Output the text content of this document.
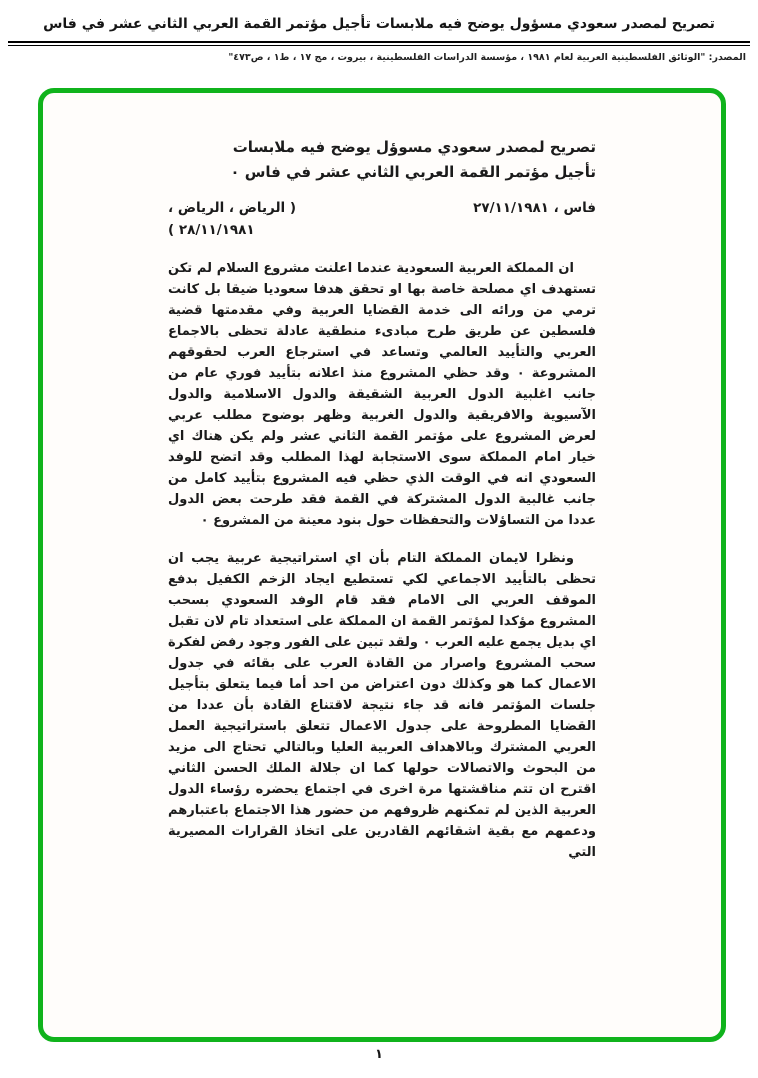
تصريح لمصدر سعودي مسؤول يوضح فيه ملابسات تأجيل مؤتمر القمة العربي الثاني عشر في فاس
المصدر: "الوثائق الفلسطينية العربية لعام ١٩٨١ ، مؤسسة الدراسات الفلسطينية ، بيروت ، مج ١٧ ، ط١ ، ص٤٧٣"
تصريح لمصدر سعودي مسوؤل يوضح فيه ملابسات
تأجيل مؤتمر القمة العربي الثاني عشر في فاس ٠
فاس ، ٢٧/١١/١٩٨١
( الرياض ، الرياض ،
٢٨/١١/١٩٨١ )

ان المملكة العربية السعودية عندما اعلنت مشروع السلام لم تكن تستهدف اي مصلحة خاصة بها او تحقق هدفا سعوديا ضيقا بل كانت ترمي من ورائه الى خدمة القضايا العربية وفي مقدمتها قضية فلسطين عن طريق طرح مبادىء منطقية عادلة تحظى بالاجماع العربي والتأييد العالمي وتساعد في استرجاع العرب لحقوقهم المشروعة ٠ وقد حظي المشروع منذ اعلانه بتأييد فوري عام من جانب اغلبية الدول العربية الشقيقة والدول الاسلامية والدول الآسيوية والافريقية والدول الغربية وظهر بوضوح مطلب عربي لعرض المشروع على مؤتمر القمة الثاني عشر ولم يكن هناك اي خيار امام المملكة سوى الاستجابة لهذا المطلب وقد اتضح للوفد السعودي انه في الوقت الذي حظي فيه المشروع بتأييد كامل من جانب غالبية الدول المشتركة في القمة فقد طرحت بعض الدول عددا من التساؤلات والتحفظات حول بنود معينة من المشروع ٠

ونظرا لايمان المملكة التام بأن اي استراتيجية عربية يجب ان تحظى بالتأييد الاجماعي لكي تستطيع ايجاد الزخم الكفيل بدفع الموقف العربي الى الامام فقد قام الوفد السعودي بسحب المشروع مؤكدا لمؤتمر القمة ان المملكة على استعداد تام لان تقبل اي بديل يجمع عليه العرب ٠ ولقد تبين على الفور وجود رفض لفكرة سحب المشروع واصرار من القادة العرب على بقائه في جدول الاعمال كما هو وكذلك دون اعتراض من احد أما فيما يتعلق بتأجيل جلسات المؤتمر فانه قد جاء نتيجة لاقتناع القادة بأن عددا من القضايا المطروحة على جدول الاعمال تتعلق باستراتيجية العمل العربي المشترك وبالاهداف العربية العليا وبالتالي تحتاج الى مزيد من البحوث والاتصالات حولها كما ان جلالة الملك الحسن الثاني اقترح ان تتم مناقشتها مرة اخرى في اجتماع يحضره رؤساء الدول العربية الذين لم تمكنهم ظروفهم من حضور هذا الاجتماع باعتبارهم ودعمهم مع بقية اشقائهم القادرين على اتخاذ القرارات المصيرية التي

١
